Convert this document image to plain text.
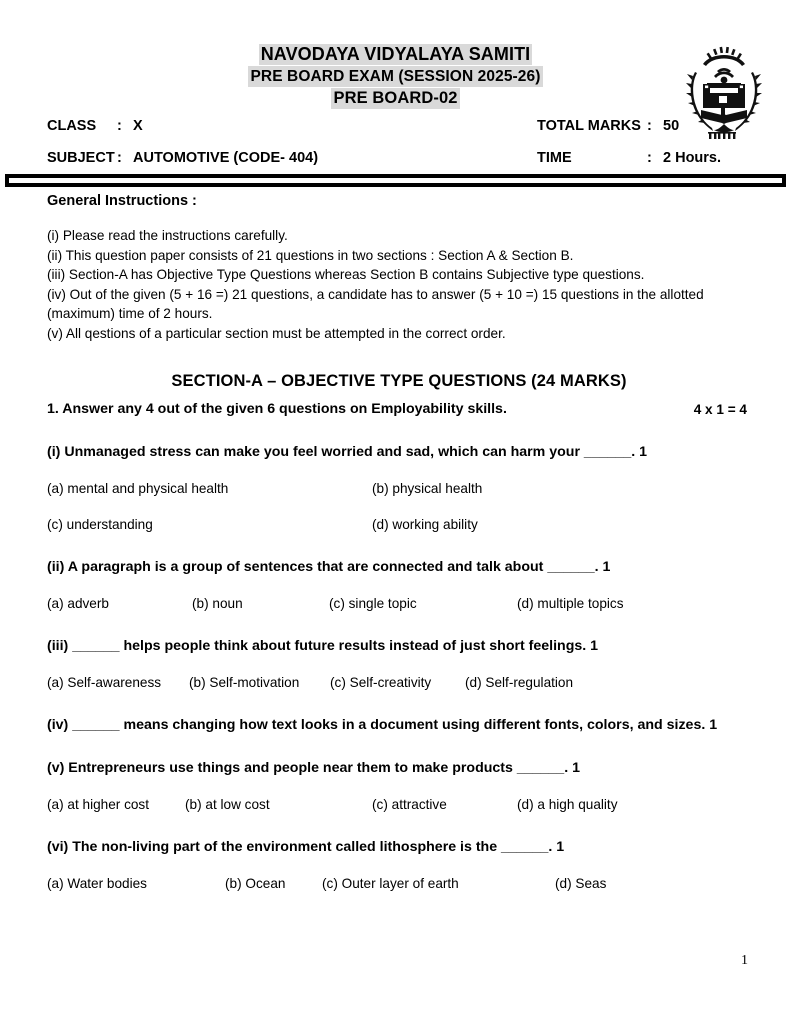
NAVODAYA VIDYALAYA SAMITI
PRE BOARD EXAM (SESSION 2025-26)
PRE BOARD-02
CLASS	: X	TOTAL MARKS : 50
SUBJECT : AUTOMOTIVE (CODE- 404)	TIME	: 2 Hours.
General Instructions :
(i) Please read the instructions carefully.
(ii) This question paper consists of 21 questions in two sections : Section A & Section B.
(iii) Section-A has Objective Type Questions whereas Section B contains Subjective type questions.
(iv) Out of the given (5 + 16 =) 21 questions, a candidate has to answer (5 + 10 =) 15 questions in the allotted (maximum) time of 2 hours.
(v) All qestions of a particular section must be attempted in the correct order.
SECTION-A – OBJECTIVE TYPE QUESTIONS (24 MARKS)
1. Answer any 4 out of the given 6 questions on Employability skills.	4 x 1 = 4
(i) Unmanaged stress can make you feel worried and sad, which can harm your ______. 1
(a) mental and physical health	(b) physical health
(c) understanding	(d) working ability
(ii) A paragraph is a group of sentences that are connected and talk about ______. 1
(a) adverb	(b) noun	(c) single topic	(d) multiple topics
(iii) ______ helps people think about future results instead of just short feelings. 1
(a) Self-awareness (b) Self-motivation (c) Self-creativity (d) Self-regulation
(iv) ______ means changing how text looks in a document using different fonts, colors, and sizes. 1
(v) Entrepreneurs use things and people near them to make products ______. 1
(a) at higher cost	(b) at low cost	(c) attractive	(d) a high quality
(vi) The non-living part of the environment called lithosphere is the ______. 1
(a) Water bodies	(b) Ocean	(c) Outer layer of earth	(d) Seas
1
